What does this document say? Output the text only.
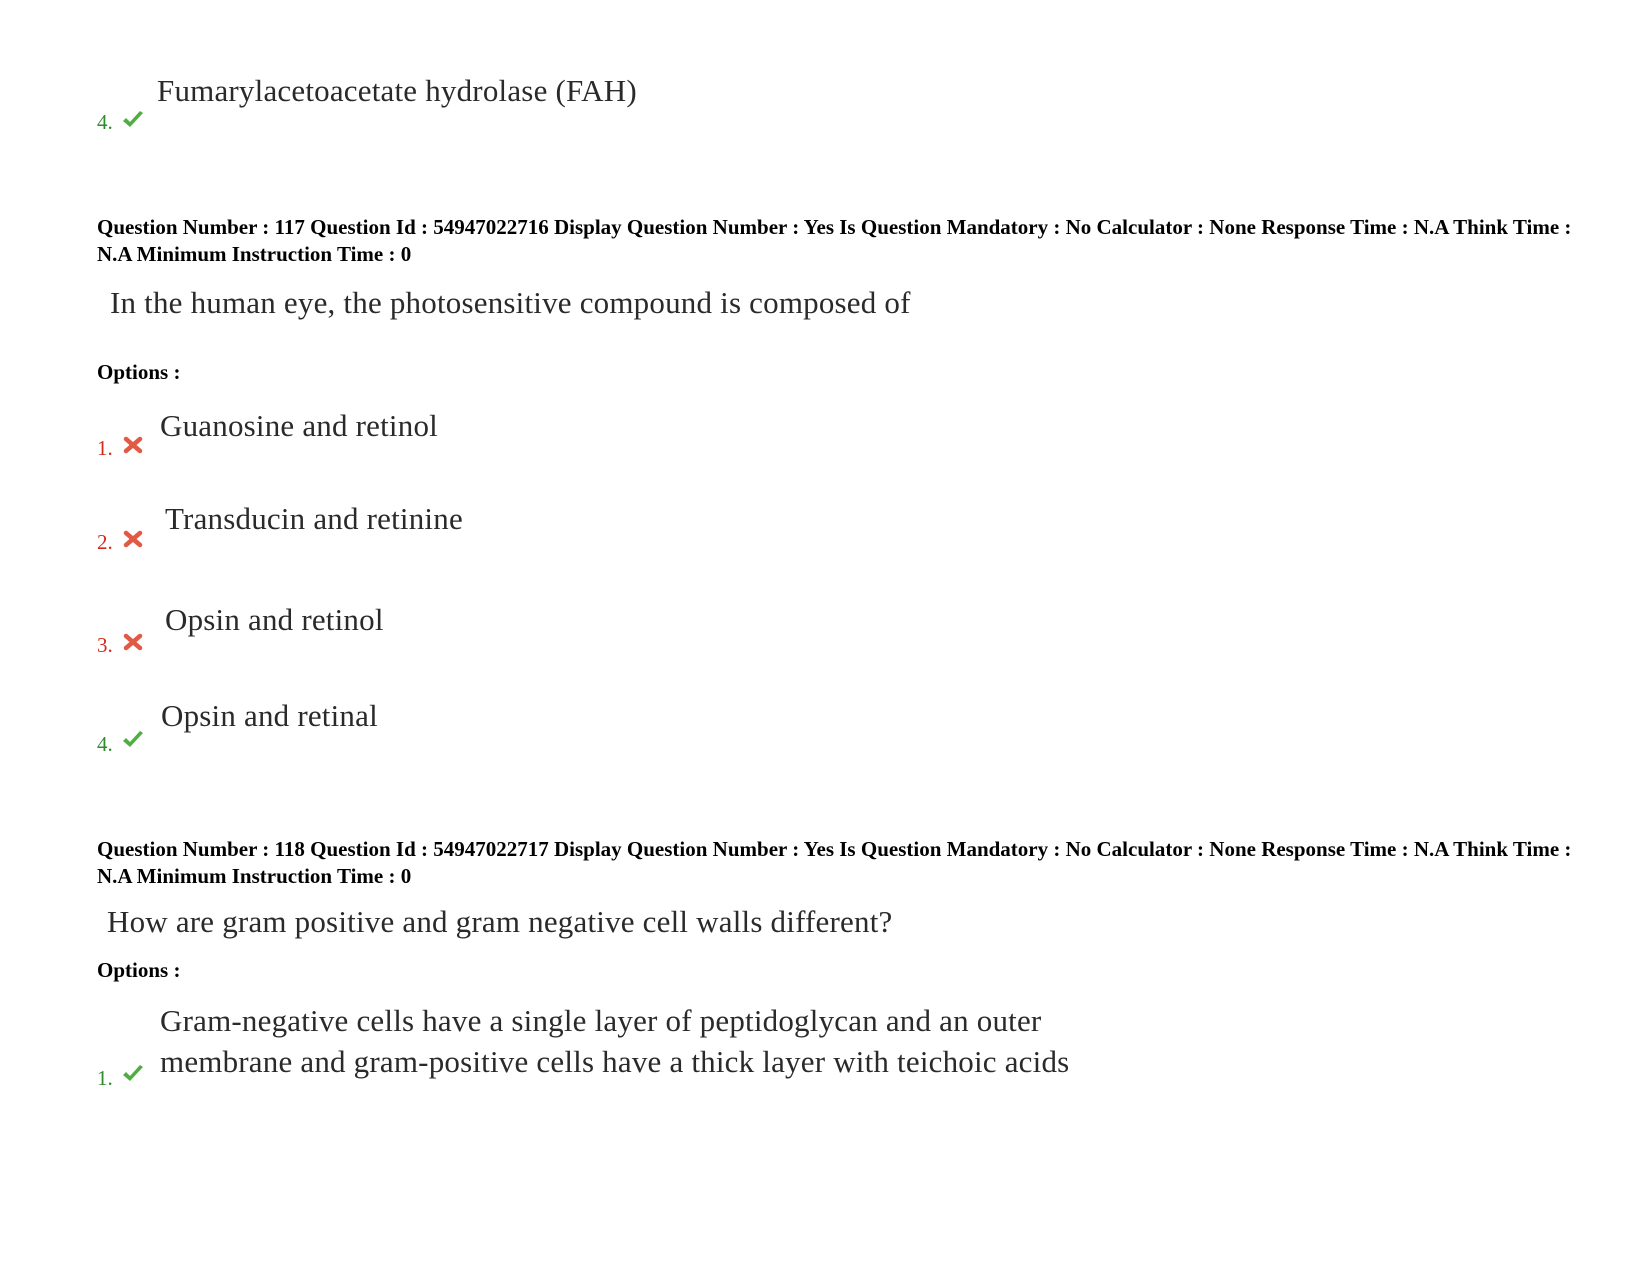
Fumarylacetoacetate hydrolase (FAH)
4.
Question Number : 117 Question Id : 54947022716 Display Question Number : Yes Is Question Mandatory : No Calculator : None Response Time : N.A Think Time : N.A Minimum Instruction Time : 0
In the human eye, the photosensitive compound is composed of
Options :
Guanosine and retinol
1.
Transducin and retinine
2.
Opsin and retinol
3.
Opsin and retinal
4.
Question Number : 118 Question Id : 54947022717 Display Question Number : Yes Is Question Mandatory : No Calculator : None Response Time : N.A Think Time : N.A Minimum Instruction Time : 0
How are gram positive and gram negative cell walls different?
Options :
Gram-negative cells have a single layer of peptidoglycan and an outer
membrane and gram-positive cells have a thick layer with teichoic acids
1.
